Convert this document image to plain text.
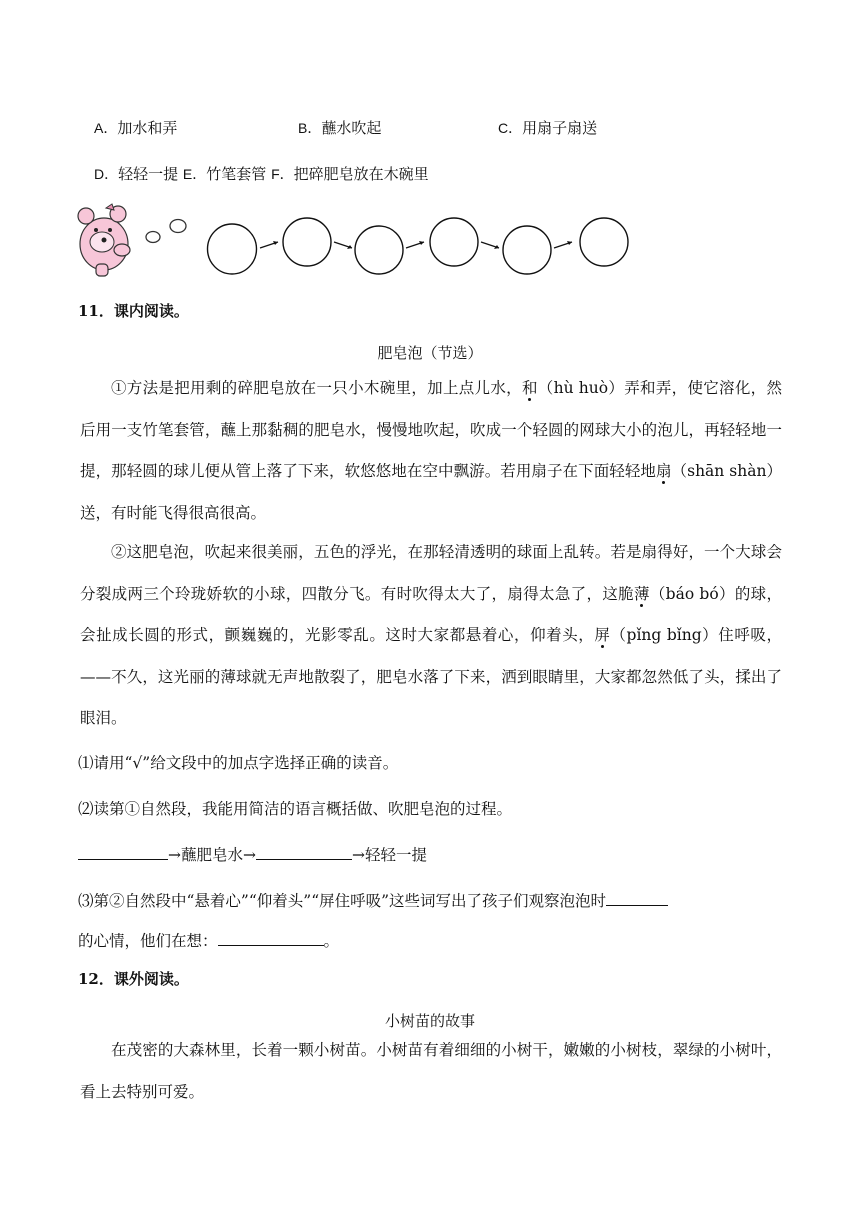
A．加水和弄	B．蘸水吹起	C．用扇子扇送
D．轻轻一提 E．竹笔套管 F．把碎肥皂放在木碗里
11．课内阅读。
肥皂泡（节选）

①方法是把用剩的碎肥皂放在一只小木碗里，加上点儿水，和（hù huò）弄和弄，使它溶化，然后用一支竹笔套管，蘸上那黏稠的肥皂水，慢慢地吹起，吹成一个轻圆的网球大小的泡儿，再轻轻地一提，那轻圆的球儿便从管上落了下来，软悠悠地在空中飘游。若用扇子在下面轻轻地扇（shān shàn）送，有时能飞得很高很高。

②这肥皂泡，吹起来很美丽，五色的浮光，在那轻清透明的球面上乱转。若是扇得好，一个大球会分裂成两三个玲珑娇软的小球，四散分飞。有时吹得太大了，扇得太急了，这脆薄（báo bó）的球，会扯成长圆的形式，颤巍巍的，光影零乱。这时大家都悬着心，仰着头，屏（pǐng bǐng）住呼吸，——不久，这光丽的薄球就无声地散裂了，肥皂水落了下来，洒到眼睛里，大家都忽然低了头，揉出了眼泪。

⑴请用“√”给文段中的加点字选择正确的读音。
⑵读第①自然段，我能用简洁的语言概括做、吹肥皂泡的过程。
→蘸肥皂水→	→轻轻一提
⑶第②自然段中“悬着心”“仰着头”“屏住呼吸”这些词写出了孩子们观察泡泡时
的心情，他们在想：	。
12．课外阅读。
小树苗的故事

在茂密的大森林里，长着一颗小树苗。小树苗有着细细的小树干，嫩嫩的小树枝，翠绿的小树叶，看上去特别可爱。
